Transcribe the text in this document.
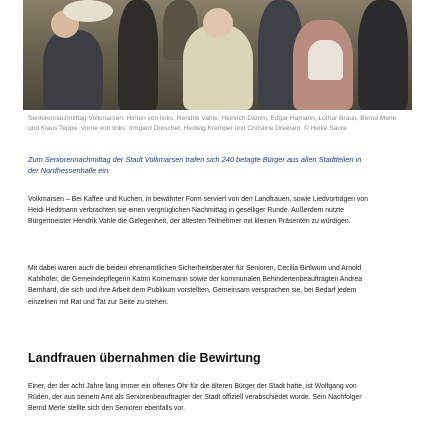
Seniorennachmittag Volkmarsen: Hinten von links: Hendrik Vahle, Heinrich Damm, Edgar Hamann, Lothar Braun, Bernd Merle und Klaus Teppe. Vorne von links: Irmgard Drescher, Hedwig Kremper und Christine Dreesen. © Heike Saure
Zum Seniorennachmittag der Stadt Volkmarsen trafen sich 240 betagte Bürger aus allen Stadtteilen in der Nordhessenhalle ein.
Volkmarsen – Bei Kaffee und Kuchen, in bewährter Form serviert von den Landfrauen, sowie Liedvorträgen von Heidi Hedtmann verbrachten sie einen vergnüglichen Nachmittag in geselliger Runde. Außerdem nutzte Bürgermeister Hendrik Vahle die Gelegenheit, der ältesten Teilnehmer mit kleinen Präsenten zu würdigen.
Mit dabei waren auch die beiden ehrenamtlichen Sicherheitsberater für Senioren, Cecilia Birtlwum und Arnold Kahlhöfer, die Gemeindepflegerin Katrin Kornemann sowie der kommunalen Behindertenbeauftragten Andrea Bernhard, die sich und ihre Arbeit dem Publikum vorstellten. Gemeinsam versprachen sie, bei Bedarf jedem einzelnen mit Rat und Tat zur Seite zu stehen.
Landfrauen übernahmen die Bewirtung
Einer, der der acht Jahre lang immer ein offenes Ohr für die älteren Bürger der Stadt hatte, ist Wolfgang von Rüden, der aus seinem Amt als Seniorenbeauftragter der Stadt offiziell verabschiedet wurde. Sein Nachfolger Bernd Merle stellte sich den Senioren ebenfalls vor.
